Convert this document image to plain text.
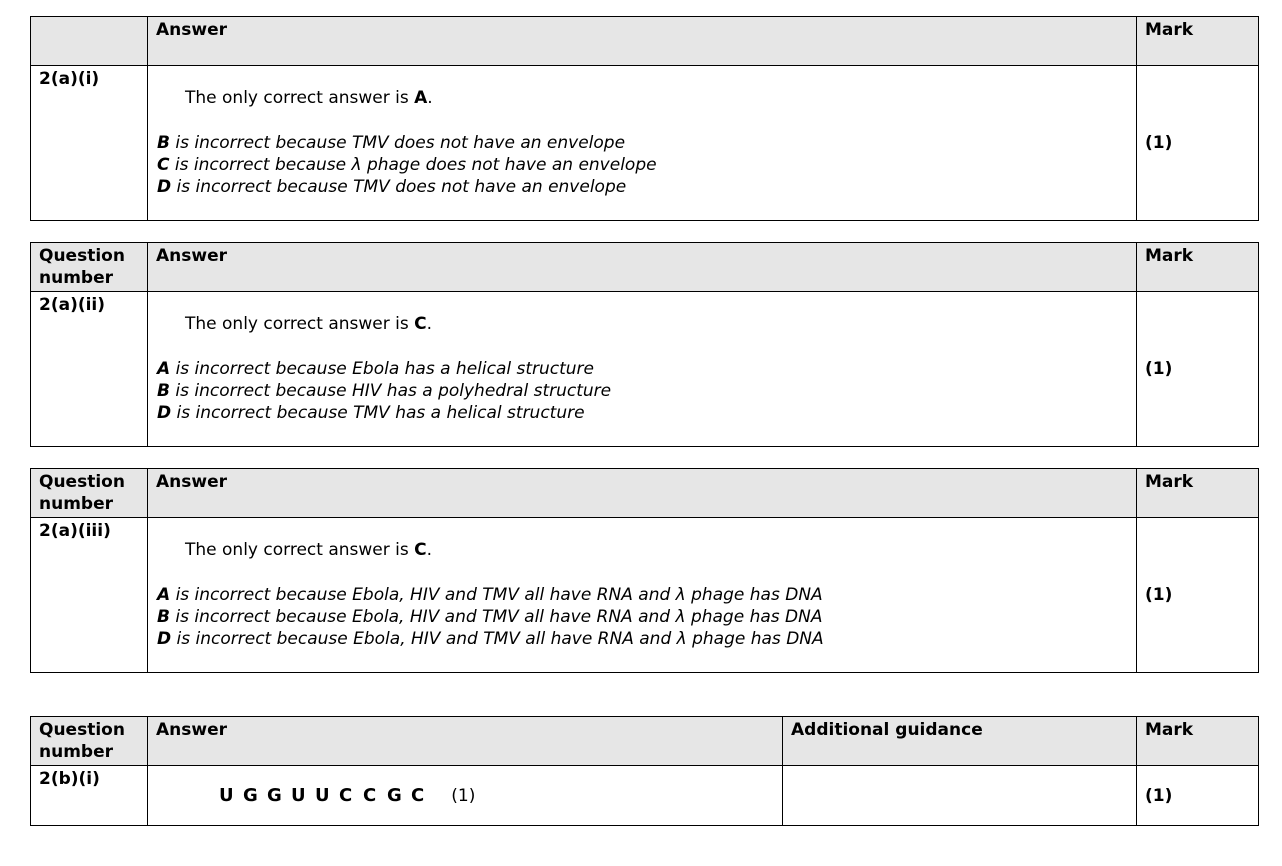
	Answer	Mark

2(a)(i)	The only correct answer is A.
B is incorrect because TMV does not have an envelope
C is incorrect because λ phage does not have an envelope
D is incorrect because TMV does not have an envelope	(1)
Question number	Answer	Mark

2(a)(ii)	The only correct answer is C.
A is incorrect because Ebola has a helical structure
B is incorrect because HIV has a polyhedral structure
D is incorrect because TMV has a helical structure	(1)
Question number	Answer	Mark

2(a)(iii)	The only correct answer is C.
A is incorrect because Ebola, HIV and TMV all have RNA and λ phage has DNA
B is incorrect because Ebola, HIV and TMV all have RNA and λ phage has DNA
D is incorrect because Ebola, HIV and TMV all have RNA and λ phage has DNA	(1)
Question number	Answer	Additional guidance	Mark

2(b)(i)	U G G U U C C G C (1)		(1)
